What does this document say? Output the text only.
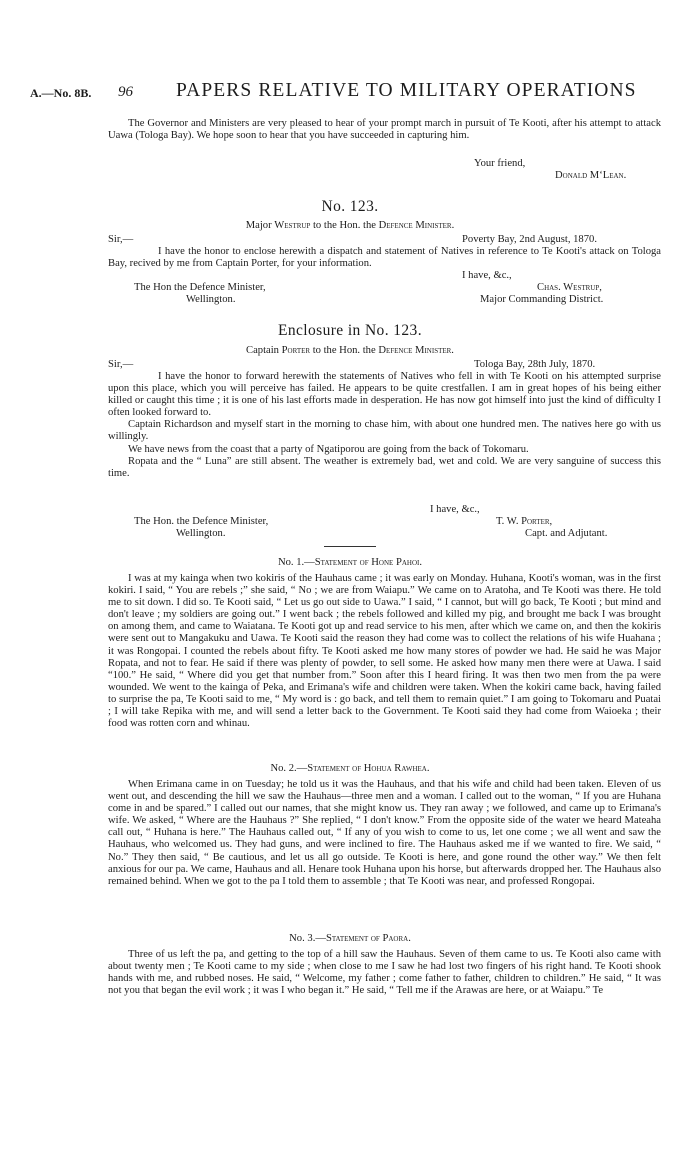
A.—No. 8B. 96 PAPERS RELATIVE TO MILITARY OPERATIONS

The Governor and Ministers are very pleased to hear of your prompt march in pursuit of Te Kooti, after his attempt to attack Uawa (Tologa Bay). We hope soon to hear that you have succeeded in capturing him.

Your friend,
Donald M‘Lean.
No. 123.
Major Westrup to the Hon. the Defence Minister.
Sir,—	Poverty Bay, 2nd August, 1870.

I have the honor to enclose herewith a dispatch and statement of Natives in reference to Te Kooti's attack on Tologa Bay, recived by me from Captain Porter, for your information.

I have, &c.,
The Hon the Defence Minister,	Chas. Westrup,
Wellington.	Major Commanding District.
Enclosure in No. 123.
Captain Porter to the Hon. the Defence Minister.
Sir,—	Tologa Bay, 28th July, 1870.

I have the honor to forward herewith the statements of Natives who fell in with Te Kooti on his attempted surprise upon this place, which you will perceive has failed. He appears to be quite crestfallen. I am in great hopes of his being either killed or caught this time ; it is one of his last efforts made in desperation. He has now got himself into just the kind of difficulty I often looked forward to.

Captain Richardson and myself start in the morning to chase him, with about one hundred men. The natives here go with us willingly.

We have news from the coast that a party of Ngatiporou are going from the back of Tokomaru.

Ropata and the “ Luna” are still absent. The weather is extremely bad, wet and cold. We are very sanguine of success this time.

I have, &c.,
The Hon. the Defence Minister,	T. W. Porter,
Wellington.	Capt. and Adjutant.
No. 1.—Statement of Hone Pahoi.

I was at my kainga when two kokiris of the Hauhaus came ; it was early on Monday. Huhana, Kooti's woman, was in the first kokiri. I said, “ You are rebels ;” she said, “ No ; we are from Waiapu.” We came on to Aratoha, and Te Kooti was there. He told me to sit down. I did so. Te Kooti said, “ Let us go out side to Uawa.” I said, “ I cannot, but will go back, Te Kooti ; but mind and don't leave ; my soldiers are going out.” I went back ; the rebels followed and killed my pig, and brought me back I was brought on among them, and came to Waiatana. Te Kooti got up and read service to his men, after which we came on, and then the kokiris were sent out to Mangakuku and Uawa. Te Kooti said the reason they had come was to collect the relations of his wife Huahana ; it was Rongopai. I counted the rebels about fifty. Te Kooti asked me how many stores of powder we had. He said he was Major Ropata, and not to fear. He said if there was plenty of powder, to sell some. He asked how many men there were at Uawa. I said “100.” He said, “ Where did you get that number from.” Soon after this I heard firing. It was then two men from the pa were wounded. We went to the kainga of Peka, and Erimana's wife and children were taken. When the kokiri came back, having failed to surprise the pa, Te Kooti said to me, “ My word is : go back, and tell them to remain quiet.” I am going to Tokomaru and Puatai ; I will take Repika with me, and will send a letter back to the Government. Te Kooti said they had come from Waioeka ; their food was rotten corn and whinau.

No. 2.—Statement of Hohua Rawhea.

When Erimana came in on Tuesday; he told us it was the Hauhaus, and that his wife and child had been taken. Eleven of us went out, and descending the hill we saw the Hauhaus—three men and a woman. I called out to the woman, “ If you are Huhana come in and be spared.” I called out our names, that she might know us. They ran away ; we followed, and came up to Erimana's wife. We asked, “ Where are the Hauhaus ?” She replied, “ I don't know.” From the opposite side of the water we heard Mateaha call out, “ Huhana is here.” The Hauhaus called out, “ If any of you wish to come to us, let one come ; we all went and saw the Hauhaus, who welcomed us. They had guns, and were inclined to fire. The Hauhaus asked me if we wanted to fire. We said, “ No.” They then said, “ Be cautious, and let us all go outside. Te Kooti is here, and gone round the other way.” We then felt anxious for our pa. We came, Hauhaus and all. Henare took Huhana upon his horse, but afterwards dropped her. The Hauhaus also remained behind. When we got to the pa I told them to assemble ; that Te Kooti was near, and professed Rongopai.

No. 3.—Statement of Paora.

Three of us left the pa, and getting to the top of a hill saw the Hauhaus. Seven of them came to us. Te Kooti also came with about twenty men ; Te Kooti came to my side ; when close to me I saw he had lost two fingers of his right hand. Te Kooti shook hands with me, and rubbed noses. He said, “ Welcome, my father ; come father to father, children to children.” He said, “ It was not you that began the evil work ; it was I who began it.” He said, “ Tell me if the Arawas are here, or at Waiapu.” Te
